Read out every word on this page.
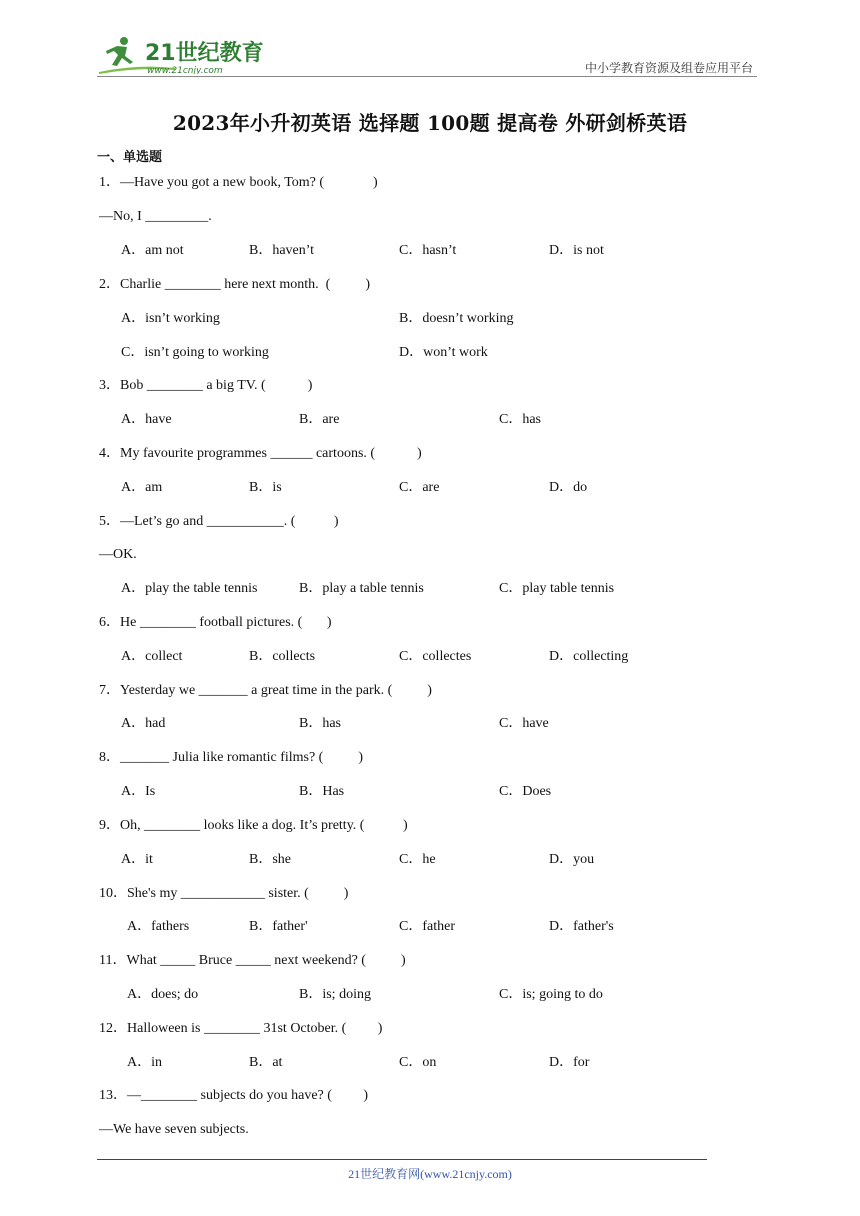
21世纪教育
www.21cnjy.com	中小学教育资源及组卷应用平台
2023年小升初英语 选择题 100题 提高卷 外研剑桥英语
一、单选题
1．—Have you got a new book, Tom? (              )
—No, I _________.
A．am not	B．haven’t	C．hasn’t	D．is not
2．Charlie ________ here next month.  (          )
A．isn’t working	B．doesn’t working
C．isn’t going to working	D．won’t work
3．Bob ________ a big TV. (            )
A．have	B．are	C．has
4．My favourite programmes ______ cartoons. (            )
A．am	B．is	C．are	D．do
5．—Let’s go and ___________. (           )
—OK.
A．play the table tennis	B．play a table tennis	C．play table tennis
6．He ________ football pictures. (       )
A．collect	B．collects	C．collectes	D．collecting
7．Yesterday we _______ a great time in the park. (          )
A．had	B．has	C．have
8．_______ Julia like romantic films? (          )
A．Is	B．Has	C．Does
9．Oh, ________ looks like a dog. It’s pretty. (           )
A．it	B．she	C．he	D．you
10．She's my ____________ sister. (          )
A．fathers	B．father'	C．father	D．father's
11．What _____ Bruce _____ next weekend? (          )
A．does; do	B．is; doing	C．is; going to do
12．Halloween is ________ 31st October. (         )
A．in	B．at	C．on	D．for
13．—________ subjects do you have? (         )
—We have seven subjects.
21世纪教育网(www.21cnjy.com)
